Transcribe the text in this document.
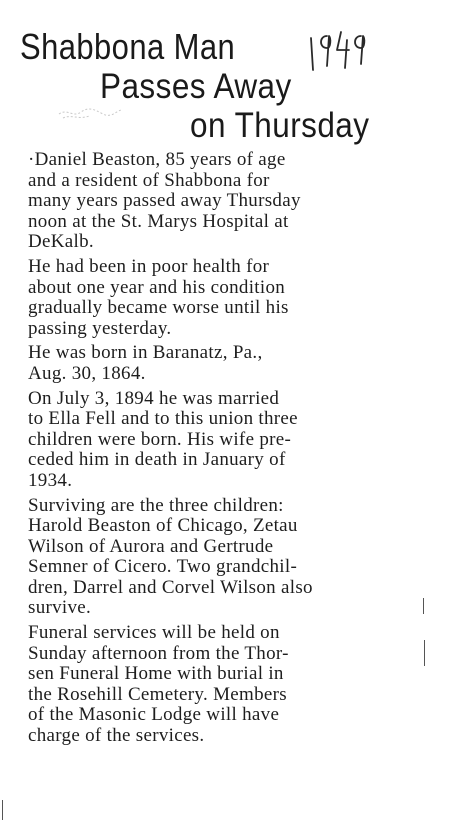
Shabbona Man
Passes Away
on Thursday

·Daniel Beaston, 85 years of age
and a resident of Shabbona for
many years passed away Thursday
noon at the St. Marys Hospital at
DeKalb.

He had been in poor health for
about one year and his condition
gradually became worse until his
passing yesterday.

He was born in Baranatz, Pa.,
Aug. 30, 1864.

On July 3, 1894 he was married
to Ella Fell and to this union three
children were born. His wife pre-
ceded him in death in January of
1934.

Surviving are the three children:
Harold Beaston of Chicago, Zetau
Wilson of Aurora and Gertrude
Semner of Cicero. Two grandchil-
dren, Darrel and Corvel Wilson also
survive.

Funeral services will be held on
Sunday afternoon from the Thor-
sen Funeral Home with burial in
the Rosehill Cemetery. Members
of the Masonic Lodge will have
charge of the services.
